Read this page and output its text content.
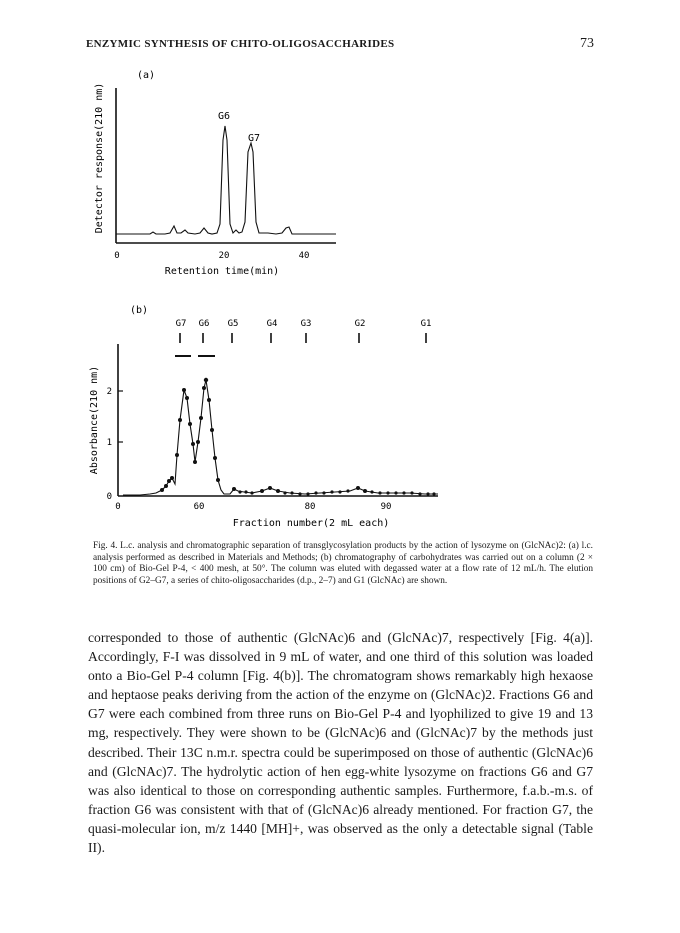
ENZYMIC SYNTHESIS OF CHITO-OLIGOSACCHARIDES	73
(a)
Detector response(210 nm)	G6
G7
0	20	40
Retention time(min)
(b)
Absorbance(210 nm)
G7 G6 G5	G4	G3	G2	G1
0
1
2
0	60	80	90
Fraction number(2 mL each)

Fig. 4. L.c. analysis and chromatographic separation of transglycosylation products by the action of lysozyme on (GlcNAc)2: (a) l.c. analysis performed as described in Materials and Methods; (b) chromatography of carbohydrates was carried out on a column (2 × 100 cm) of Bio-Gel P-4, < 400 mesh, at 50°. The column was eluted with degassed water at a flow rate of 12 mL/h. The elution positions of G2–G7, a series of chito-oligosaccharides (d.p., 2–7) and G1 (GlcNAc) are shown.

corresponded to those of authentic (GlcNAc)6 and (GlcNAc)7, respectively [Fig. 4(a)]. Accordingly, F-I was dissolved in 9 mL of water, and one third of this solution was loaded onto a Bio-Gel P-4 column [Fig. 4(b)]. The chromatogram shows remarkably high hexaose and heptaose peaks deriving from the action of the enzyme on (GlcNAc)2. Fractions G6 and G7 were each combined from three runs on Bio-Gel P-4 and lyophilized to give 19 and 13 mg, respectively. They were shown to be (GlcNAc)6 and (GlcNAc)7 by the methods just described. Their 13C n.m.r. spectra could be superimposed on those of authentic (GlcNAc)6 and (GlcNAc)7. The hydrolytic action of hen egg-white lysozyme on fractions G6 and G7 was also identical to those on corresponding authentic samples. Furthermore, f.a.b.-m.s. of fraction G6 was consistent with that of (GlcNAc)6 already mentioned. For fraction G7, the quasi-molecular ion, m/z 1440 [MH]+, was observed as the only a detectable signal (Table II).
